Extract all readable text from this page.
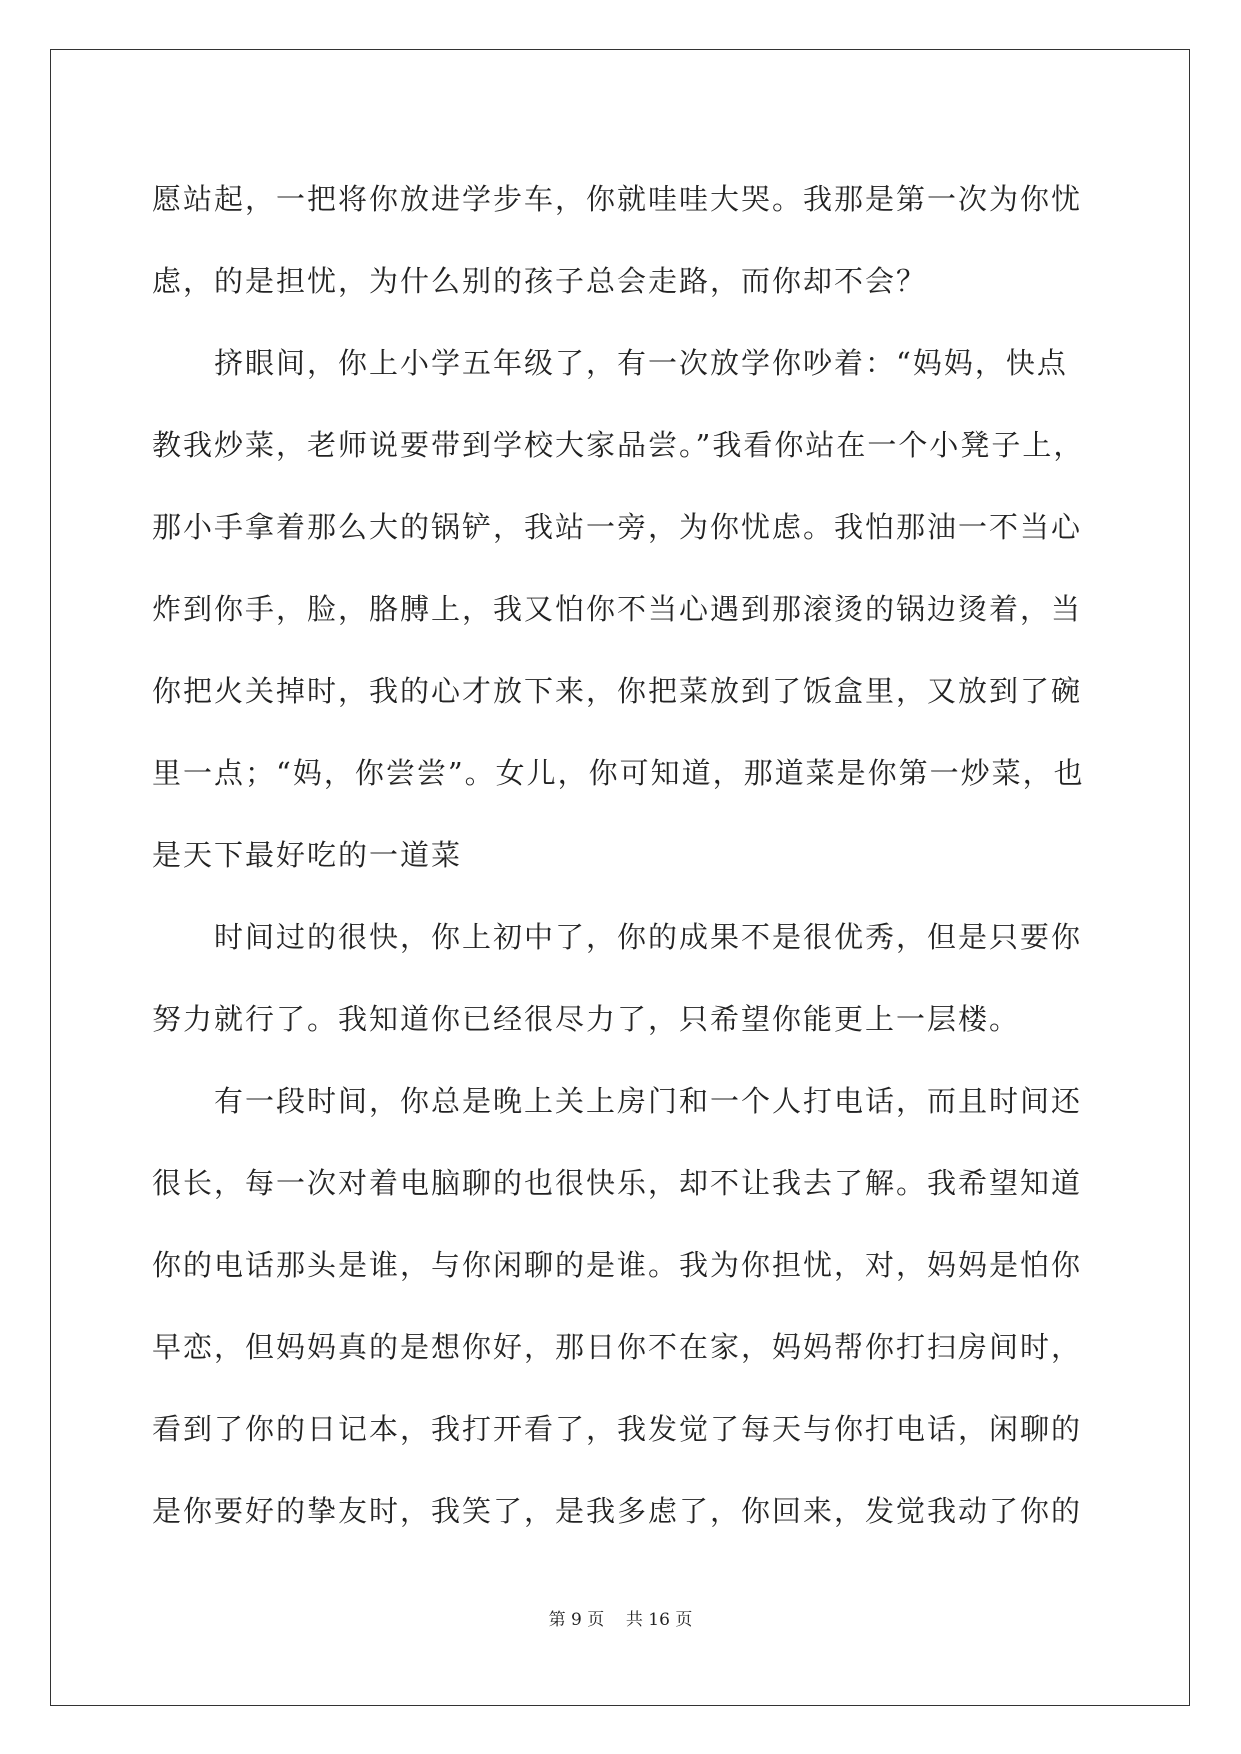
愿站起，一把将你放进学步车，你就哇哇大哭。我那是第一次为你忧
虑，的是担忧，为什么别的孩子总会走路，而你却不会？
挤眼间，你上小学五年级了，有一次放学你吵着：“妈妈，快点
教我炒菜，老师说要带到学校大家品尝。”我看你站在一个小凳子上，
那小手拿着那么大的锅铲，我站一旁，为你忧虑。我怕那油一不当心
炸到你手，脸，胳膊上，我又怕你不当心遇到那滚烫的锅边烫着，当
你把火关掉时，我的心才放下来，你把菜放到了饭盒里，又放到了碗
里一点；“妈，你尝尝”。女儿，你可知道，那道菜是你第一炒菜，也
是天下最好吃的一道菜
时间过的很快，你上初中了，你的成果不是很优秀，但是只要你
努力就行了。我知道你已经很尽力了，只希望你能更上一层楼。
有一段时间，你总是晚上关上房门和一个人打电话，而且时间还
很长，每一次对着电脑聊的也很快乐，却不让我去了解。我希望知道
你的电话那头是谁，与你闲聊的是谁。我为你担忧，对，妈妈是怕你
早恋，但妈妈真的是想你好，那日你不在家，妈妈帮你打扫房间时，
看到了你的日记本，我打开看了，我发觉了每天与你打电话，闲聊的
是你要好的挚友时，我笑了，是我多虑了，你回来，发觉我动了你的
第 9 页    共 16 页
